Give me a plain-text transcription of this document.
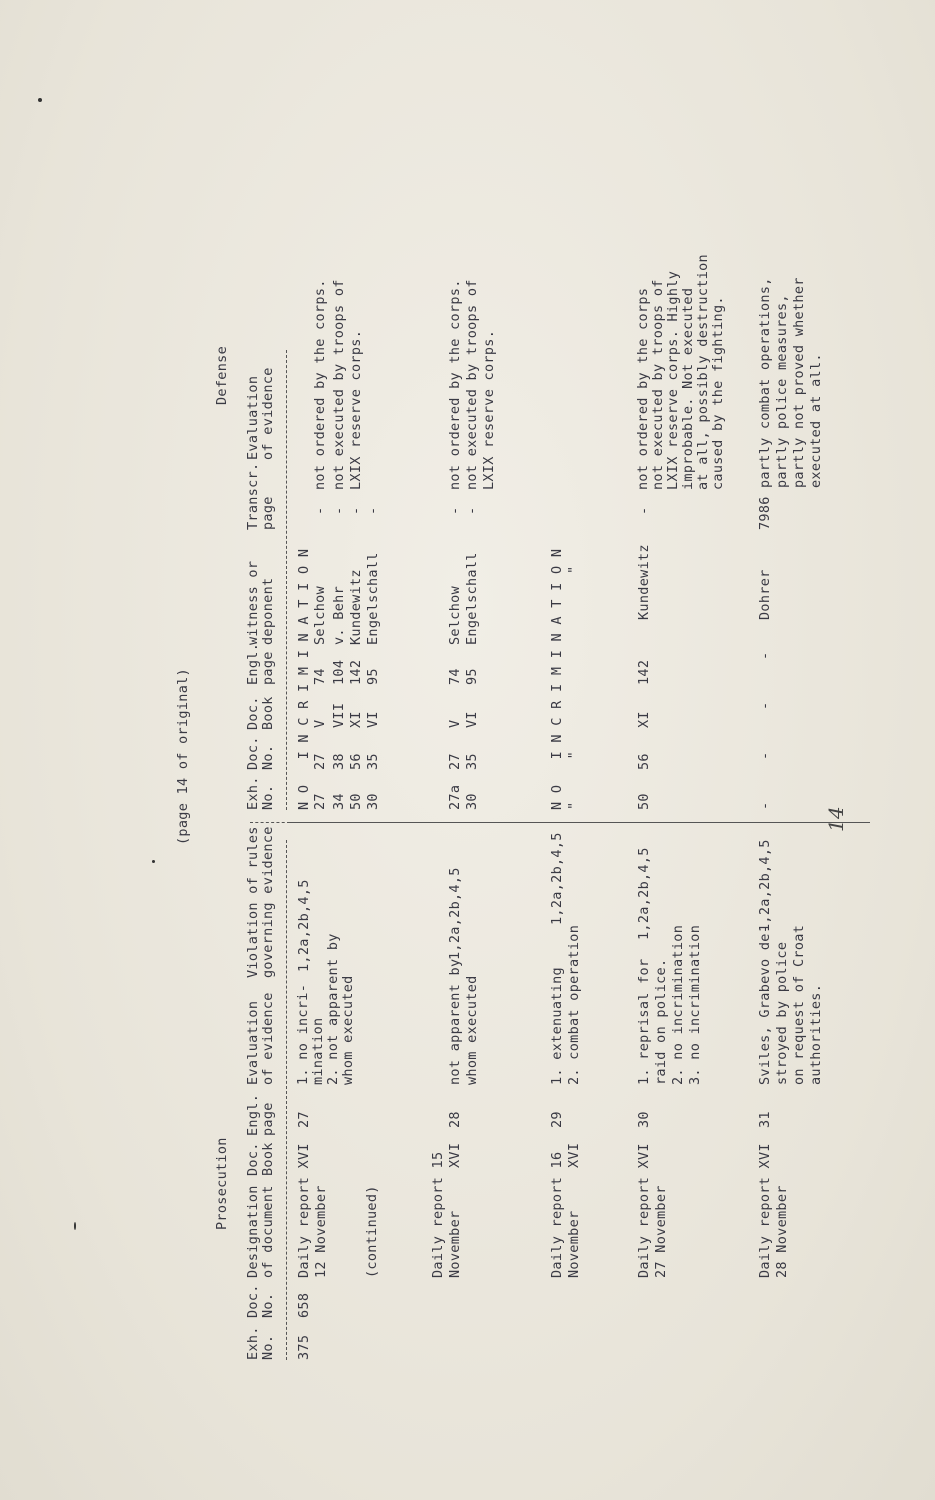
(page 14 of original)
Prosecution
Defense
Exh.
No.
Doc.
No.
Designation
of document
Doc.
Book
Engl.
page
Evaluation
of evidence
Violation of rules
governing evidence
Exh.
No.
Doc.
No.
Doc.
Book
Engl.
page
witness or
deponent
Transcr.
page
Evaluation
of evidence
375
658
Daily report XVI
12 November

(continued)
27
1. no incri-
mination
2. not apparent by
whom executed
1,2a,2b,4,5
N O   I N C R I M I N A T I O N 27
27
V
74
Selchow
-
not ordered by the corps.
34
38
VII
104
v. Behr
-
not executed by troops of
50
56
XI
142
Kundewitz
-
LXIX reserve corps.
30
35
VI
95
Engelschall
-
Daily report 15
November
XVI
28
not apparent by
whom executed
1,2a,2b,4,5
27a
27
V
74
Selchow
-
not ordered by the corps.
30
35
VI
95
Engelschall
-
not executed by troops of
LXIX reserve corps.
Daily report 16
November
XVI
29
1. extenuating
2. combat operation
1,2a,2b,4,5
N O   I N C R I M I N A T I O N "     "                     "
Daily report XVI
27 November
30
1. reprisal for
raid on police.
2. no incrimination
3. no incrimination
1,2a,2b,4,5
50
56
XI
142
Kundewitz
-
not ordered by the corps
not executed by troops of
LXIX reserve corps. Highly
improbable. Not executed
at all, possibly destruction
caused by the fighting.
Daily report XVI
28 November
31
Sviles, Grabevo de-
stroyed by police
on request of Croat
authorities.
1,2a,2b,4,5
-
-
-
-
Dohrer
7986
partly combat operations,
partly police measures,
partly not proved whether
executed at all.
14
